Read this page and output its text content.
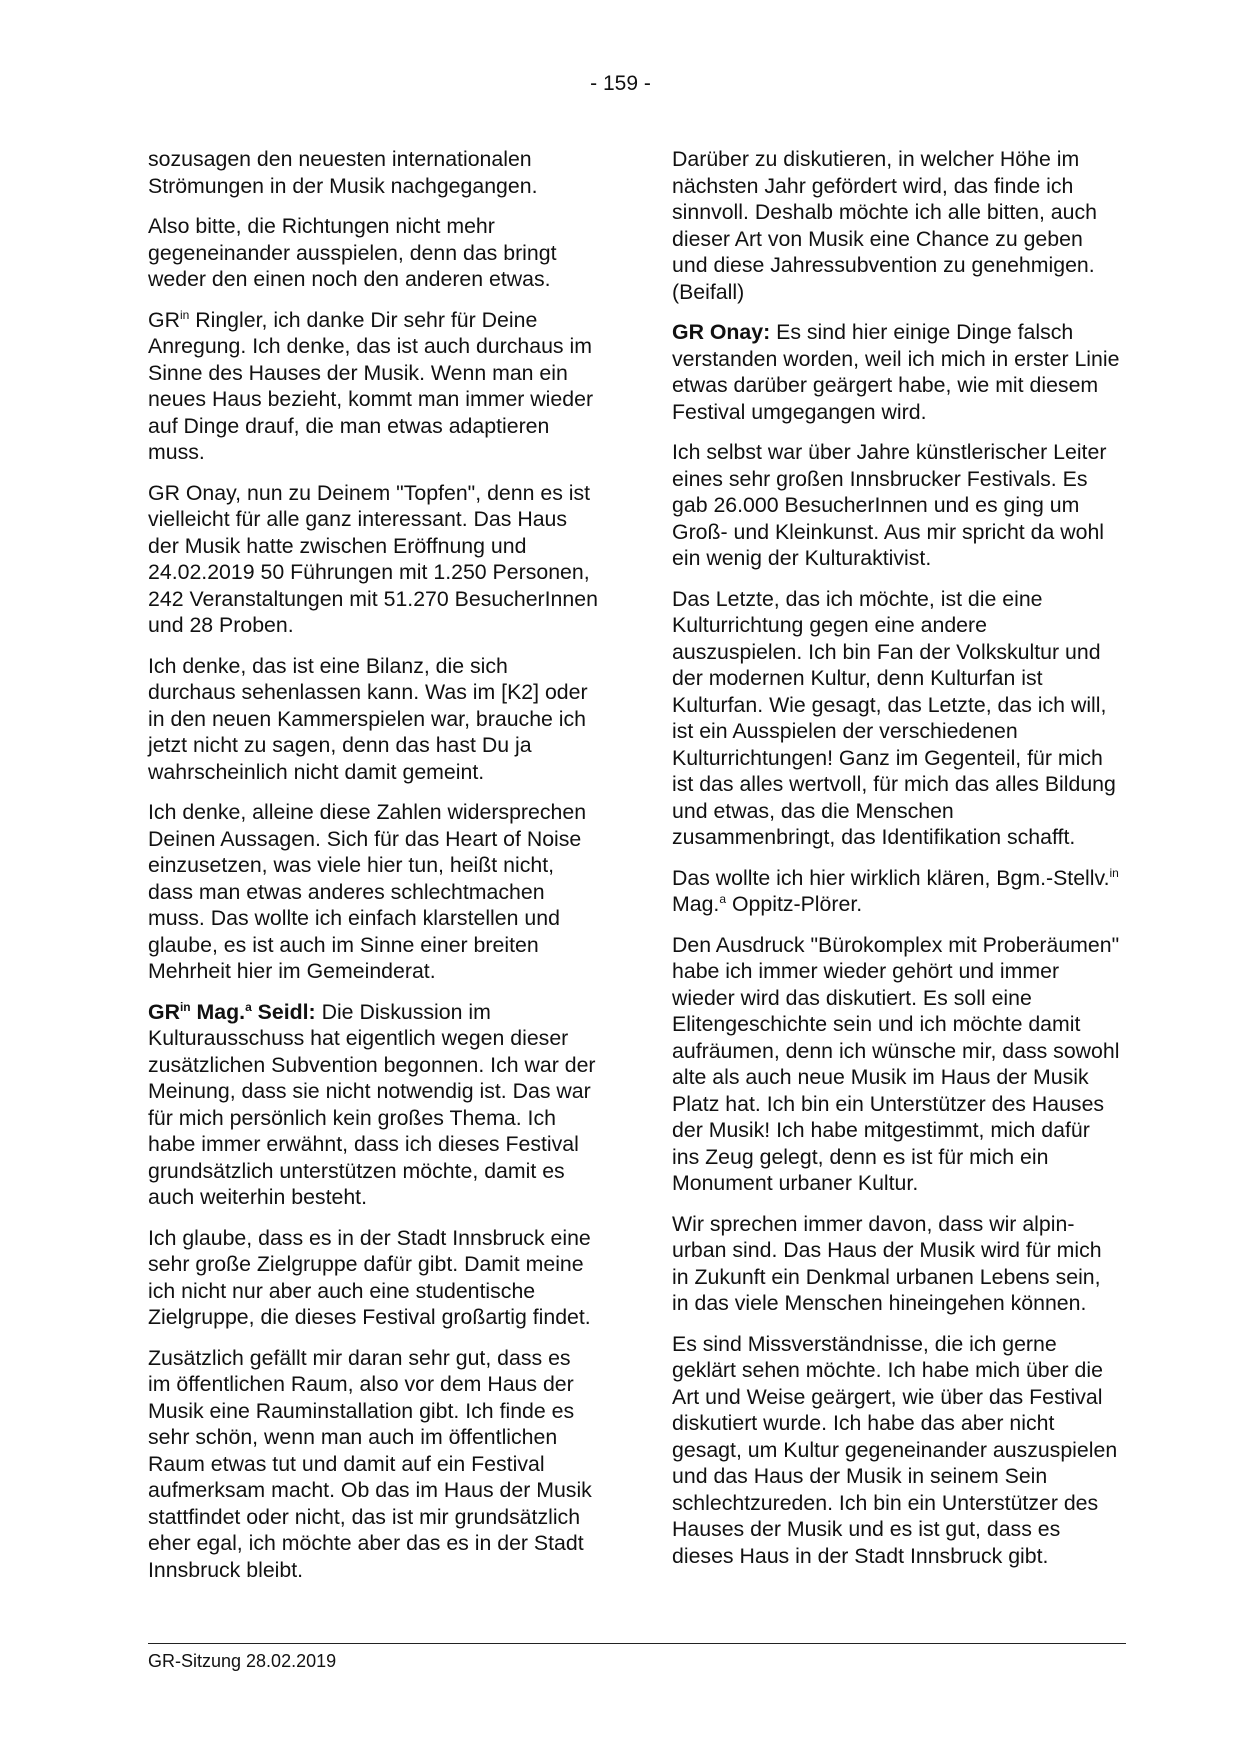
- 159 -

sozusagen den neuesten internationalen Strömungen in der Musik nachgegangen.

Also bitte, die Richtungen nicht mehr gegeneinander ausspielen, denn das bringt weder den einen noch den anderen etwas.

$GR^{in}$ Ringler, ich danke Dir sehr für Deine Anregung. Ich denke, das ist auch durchaus im Sinne des Hauses der Musik. Wenn man ein neues Haus bezieht, kommt man immer wieder auf Dinge drauf, die man etwas adaptieren muss.

GR Onay, nun zu Deinem "Topfen", denn es ist vielleicht für alle ganz interessant. Das Haus der Musik hatte zwischen Eröffnung und 24.02.2019 50 Führungen mit 1.250 Personen, 242 Veranstaltungen mit 51.270 BesucherInnen und 28 Proben.

Ich denke, das ist eine Bilanz, die sich durchaus sehenlassen kann. Was im [K2] oder in den neuen Kammerspielen war, brauche ich jetzt nicht zu sagen, denn das hast Du ja wahrscheinlich nicht damit gemeint.

Ich denke, alleine diese Zahlen widersprechen Deinen Aussagen. Sich für das Heart of Noise einzusetzen, was viele hier tun, heißt nicht, dass man etwas anderes schlechtmachen muss. Das wollte ich einfach klarstellen und glaube, es ist auch im Sinne einer breiten Mehrheit hier im Gemeinderat.

$GR^{in}$ Mag.$^a$ Seidl: Die Diskussion im Kulturausschuss hat eigentlich wegen dieser zusätzlichen Subvention begonnen. Ich war der Meinung, dass sie nicht notwendig ist. Das war für mich persönlich kein großes Thema. Ich habe immer erwähnt, dass ich dieses Festival grundsätzlich unterstützen möchte, damit es auch weiterhin besteht.

Ich glaube, dass es in der Stadt Innsbruck eine sehr große Zielgruppe dafür gibt. Damit meine ich nicht nur aber auch eine studentische Zielgruppe, die dieses Festival großartig findet.

Zusätzlich gefällt mir daran sehr gut, dass es im öffentlichen Raum, also vor dem Haus der Musik eine Rauminstallation gibt. Ich finde es sehr schön, wenn man auch im öffentlichen Raum etwas tut und damit auf ein Festival aufmerksam macht. Ob das im Haus der Musik stattfindet oder nicht, das ist mir grundsätzlich eher egal, ich möchte aber das es in der Stadt Innsbruck bleibt.

Darüber zu diskutieren, in welcher Höhe im nächsten Jahr gefördert wird, das finde ich sinnvoll. Deshalb möchte ich alle bitten, auch dieser Art von Musik eine Chance zu geben und diese Jahressubvention zu genehmigen. (Beifall)

GR Onay: Es sind hier einige Dinge falsch verstanden worden, weil ich mich in erster Linie etwas darüber geärgert habe, wie mit diesem Festival umgegangen wird.

Ich selbst war über Jahre künstlerischer Leiter eines sehr großen Innsbrucker Festivals. Es gab 26.000 BesucherInnen und es ging um Groß- und Kleinkunst. Aus mir spricht da wohl ein wenig der Kulturaktivist.

Das Letzte, das ich möchte, ist die eine Kulturrichtung gegen eine andere auszuspielen. Ich bin Fan der Volkskultur und der modernen Kultur, denn Kulturfan ist Kulturfan. Wie gesagt, das Letzte, das ich will, ist ein Ausspielen der verschiedenen Kulturrichtungen! Ganz im Gegenteil, für mich ist das alles wertvoll, für mich das alles Bildung und etwas, das die Menschen zusammenbringt, das Identifikation schafft.

Das wollte ich hier wirklich klären, Bgm.-Stellv.$^{in}$ Mag.$^a$ Oppitz-Plörer.

Den Ausdruck "Bürokomplex mit Proberäumen" habe ich immer wieder gehört und immer wieder wird das diskutiert. Es soll eine Elitengeschichte sein und ich möchte damit aufräumen, denn ich wünsche mir, dass sowohl alte als auch neue Musik im Haus der Musik Platz hat. Ich bin ein Unterstützer des Hauses der Musik! Ich habe mitgestimmt, mich dafür ins Zeug gelegt, denn es ist für mich ein Monument urbaner Kultur.

Wir sprechen immer davon, dass wir alpin-urban sind. Das Haus der Musik wird für mich in Zukunft ein Denkmal urbanen Lebens sein, in das viele Menschen hineingehen können.

Es sind Missverständnisse, die ich gerne geklärt sehen möchte. Ich habe mich über die Art und Weise geärgert, wie über das Festival diskutiert wurde. Ich habe das aber nicht gesagt, um Kultur gegeneinander auszuspielen und das Haus der Musik in seinem Sein schlechtzureden. Ich bin ein Unterstützer des Hauses der Musik und es ist gut, dass es dieses Haus in der Stadt Innsbruck gibt.

GR-Sitzung 28.02.2019
